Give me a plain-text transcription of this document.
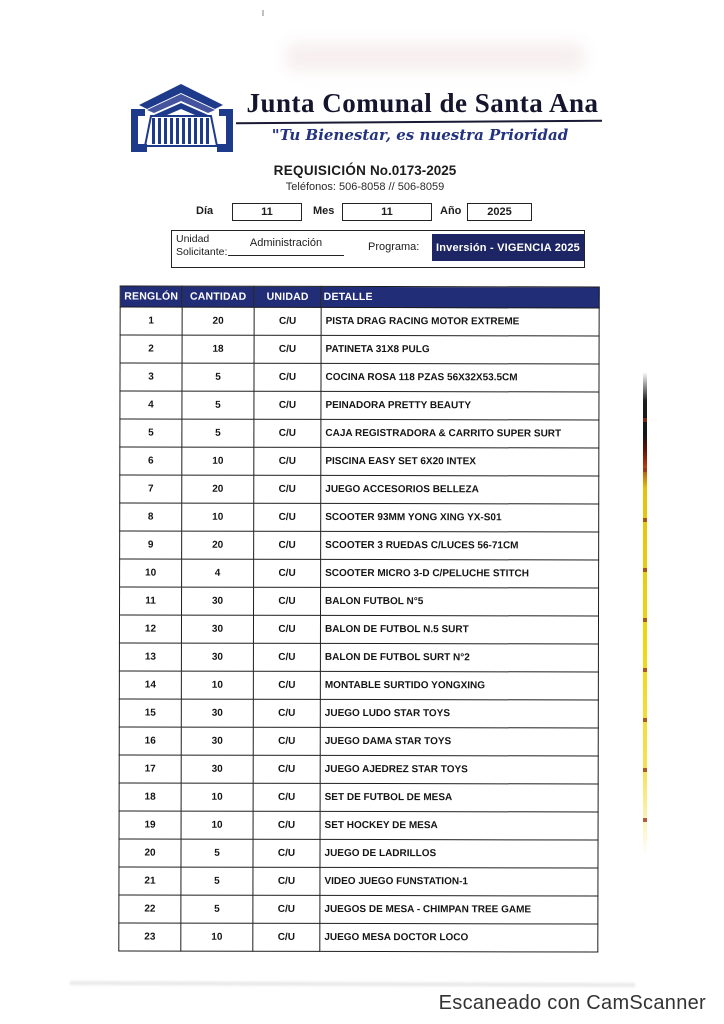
Junta Comunal de Santa Ana
"Tu Bienestar, es nuestra Prioridad
REQUISICIÓN No.0173-2025
Teléfonos: 506-8058 // 506-8059
Día	11	Mes	11	Año	2025
Unidad Solicitante:
Administración	Programa:	Inversión - VIGENCIA 2025
RENGLÓN	CANTIDAD	UNIDAD	DETALLE
1	20	C/U	PISTA DRAG RACING MOTOR EXTREME
2	18	C/U	PATINETA 31X8 PULG
3	5	C/U	COCINA ROSA 118 PZAS 56X32X53.5CM
4	5	C/U	PEINADORA PRETTY BEAUTY
5	5	C/U	CAJA REGISTRADORA & CARRITO SUPER SURT
6	10	C/U	PISCINA EASY SET 6X20 INTEX
7	20	C/U	JUEGO ACCESORIOS BELLEZA
8	10	C/U	SCOOTER 93MM YONG XING YX-S01
9	20	C/U	SCOOTER 3 RUEDAS C/LUCES 56-71CM
10	4	C/U	SCOOTER MICRO 3-D C/PELUCHE STITCH
11	30	C/U	BALON FUTBOL N°5
12	30	C/U	BALON DE FUTBOL N.5 SURT
13	30	C/U	BALON DE FUTBOL SURT N°2
14	10	C/U	MONTABLE SURTIDO YONGXING
15	30	C/U	JUEGO LUDO STAR TOYS
16	30	C/U	JUEGO DAMA STAR TOYS
17	30	C/U	JUEGO AJEDREZ STAR TOYS
18	10	C/U	SET DE FUTBOL DE MESA
19	10	C/U	SET HOCKEY DE MESA
20	5	C/U	JUEGO DE LADRILLOS
21	5	C/U	VIDEO JUEGO FUNSTATION-1
22	5	C/U	JUEGOS DE MESA - CHIMPAN TREE GAME
23	10	C/U	JUEGO MESA DOCTOR LOCO
Escaneado con CamScanner
